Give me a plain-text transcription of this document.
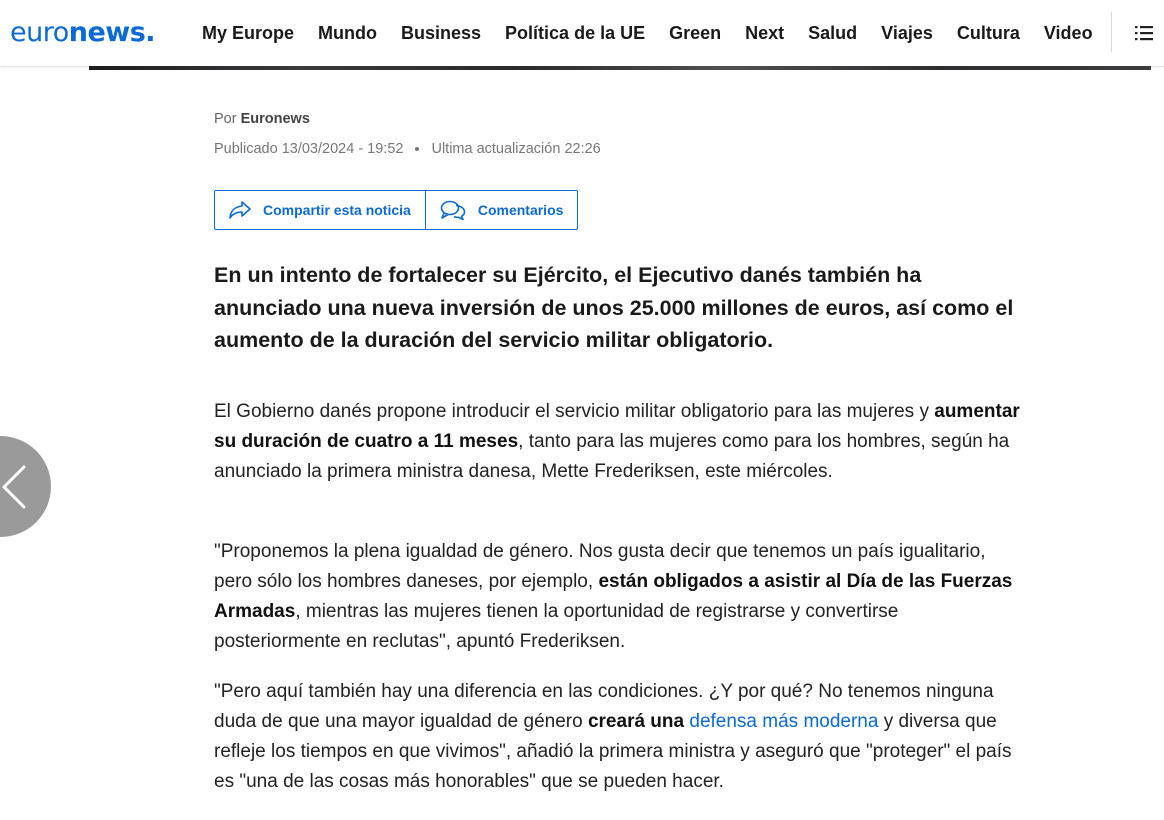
euro news.	My Europe Mundo Business Política de la UE Green Next Salud Viajes Cultura Video
Por Euronews
Publicado 13/03/2024 - 19:52 Ultima actualización 22:26
Compartir esta noticia	Comentarios
En un intento de fortalecer su Ejército, el Ejecutivo danés también ha anunciado una nueva inversión de unos 25.000 millones de euros, así como el aumento de la duración del servicio militar obligatorio.

El Gobierno danés propone introducir el servicio militar obligatorio para las mujeres y aumentar su duración de cuatro a 11 meses, tanto para las mujeres como para los hombres, según ha anunciado la primera ministra danesa, Mette Frederiksen, este miércoles.

"Proponemos la plena igualdad de género. Nos gusta decir que tenemos un país igualitario, pero sólo los hombres daneses, por ejemplo, están obligados a asistir al Día de las Fuerzas Armadas, mientras las mujeres tienen la oportunidad de registrarse y convertirse posteriormente en reclutas", apuntó Frederiksen.

"Pero aquí también hay una diferencia en las condiciones. ¿Y por qué? No tenemos ninguna duda de que una mayor igualdad de género creará una defensa más moderna y diversa que refleje los tiempos en que vivimos", añadió la primera ministra y aseguró que "proteger" el país es "una de las cosas más honorables" que se pueden hacer.
